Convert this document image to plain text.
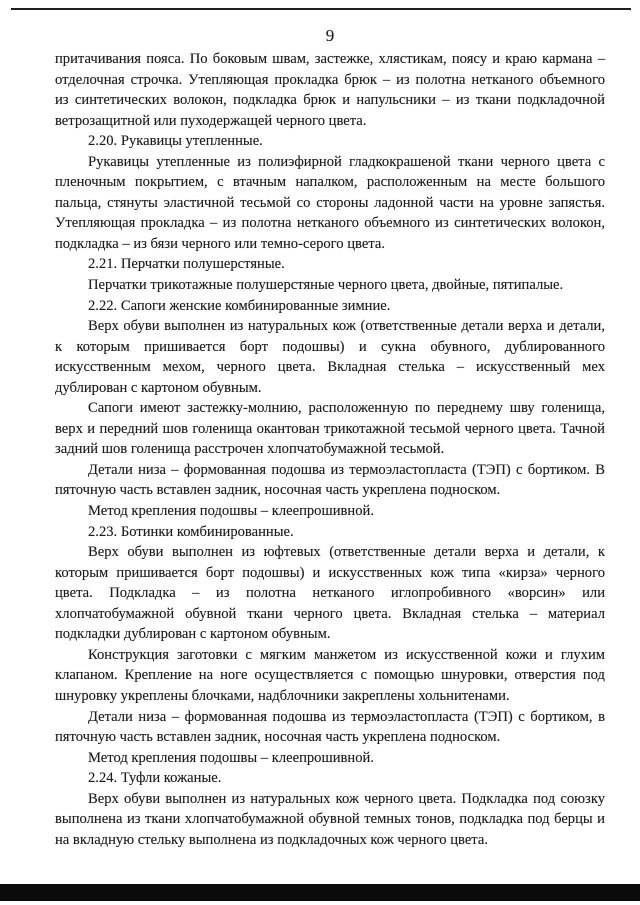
9

притачивания пояса. По боковым швам, застежке, хлястикам, поясу и краю кармана –
отделочная строчка. Утепляющая прокладка брюк – из полотна нетканого объемного
из синтетических волокон, подкладка брюк и напульсники – из ткани подкладочной
ветрозащитной или пуходержащей черного цвета.

2.20. Рукавицы утепленные.

Рукавицы утепленные из полиэфирной гладкокрашеной ткани черного цвета с
пленочным покрытием, с втачным напалком, расположенным на месте большого
пальца, стянуты эластичной тесьмой со стороны ладонной части на уровне запястья.
Утепляющая прокладка – из полотна нетканого объемного из синтетических волокон,
подкладка – из бязи черного или темно-серого цвета.

2.21. Перчатки полушерстяные.

Перчатки трикотажные полушерстяные черного цвета, двойные, пятипалые.

2.22. Сапоги женские комбинированные зимние.

Верх обуви выполнен из натуральных кож (ответственные детали верха и детали,
к которым пришивается борт подошвы) и сукна обувного, дублированного
искусственным мехом, черного цвета. Вкладная стелька – искусственный мех
дублирован с картоном обувным.

Сапоги имеют застежку-молнию, расположенную по переднему шву голенища,
верх и передний шов голенища окантован трикотажной тесьмой черного цвета. Тачной
задний шов голенища расстрочен хлопчатобумажной тесьмой.

Детали низа – формованная подошва из термоэластопласта (ТЭП) с бортиком. В
пяточную часть вставлен задник, носочная часть укреплена подноском.

Метод крепления подошвы – клеепрошивной.

2.23. Ботинки комбинированные.

Верх обуви выполнен из юфтевых (ответственные детали верха и детали, к
которым пришивается борт подошвы) и искусственных кож типа «кирза» черного
цвета. Подкладка – из полотна нетканого иглопробивного «ворсин» или
хлопчатобумажной обувной ткани черного цвета. Вкладная стелька – материал
подкладки дублирован с картоном обувным.

Конструкция заготовки с мягким манжетом из искусственной кожи и глухим
клапаном. Крепление на ноге осуществляется с помощью шнуровки, отверстия под
шнуровку укреплены блочками, надблочники закреплены хольнитенами.

Детали низа – формованная подошва из термоэластопласта (ТЭП) с бортиком, в
пяточную часть вставлен задник, носочная часть укреплена подноском.

Метод крепления подошвы – клеепрошивной.

2.24. Туфли кожаные.

Верх обуви выполнен из натуральных кож черного цвета. Подкладка под союзку
выполнена из ткани хлопчатобумажной обувной темных тонов, подкладка под берцы и
на вкладную стельку выполнена из подкладочных кож черного цвета.
